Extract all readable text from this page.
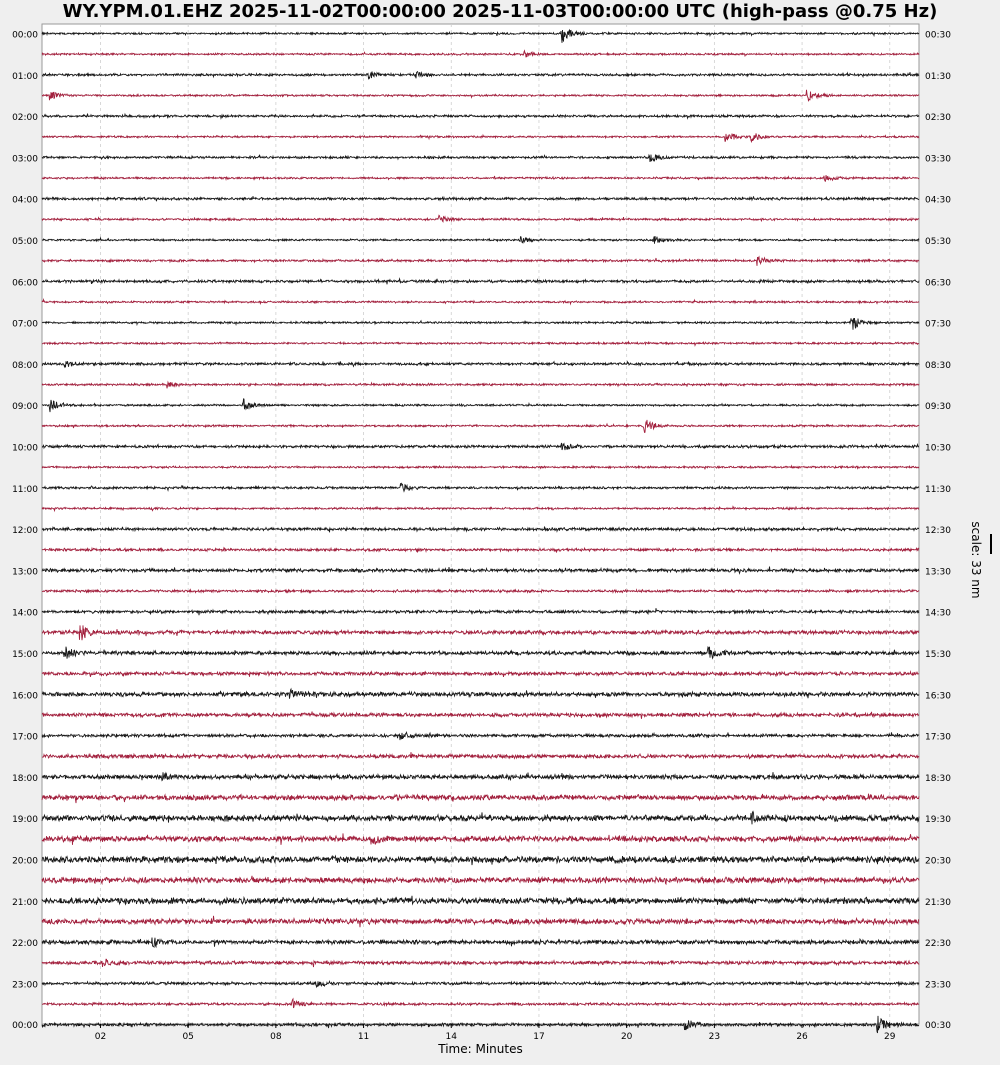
WY.YPM.01.EHZ 2025-11-02T00:00:00 2025-11-03T00:00:00 UTC (high-pass @0.75 Hz)
00:00
01:00
02:00
03:00
04:00
05:00
06:00
07:00
08:00
09:00
10:00
11:00
12:00
13:00
14:00
15:00
16:00
17:00
18:00
19:00
20:00
21:00
22:00
23:00
00:00
00:30
01:30
02:30
03:30
04:30
05:30
06:30
07:30
08:30
09:30
10:30
11:30
12:30
13:30
14:30
15:30
16:30
17:30
18:30
19:30
20:30
21:30
22:30
23:30
00:30
02	05	08	11	14	17	20	23	26	29
Time: Minutes
scale: 33 nm
